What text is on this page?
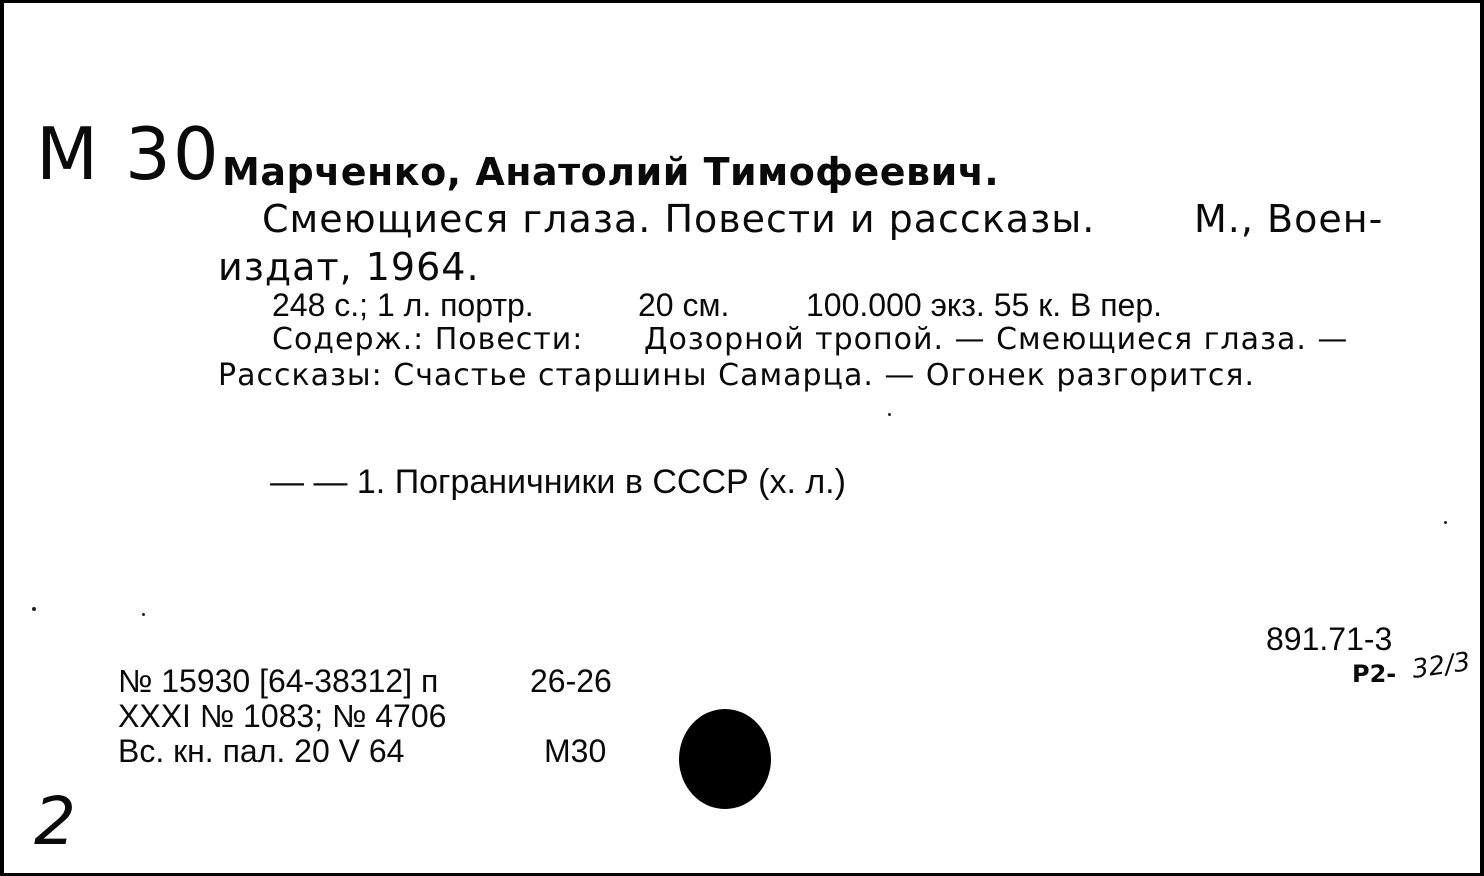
М 30 Марченко, Анатолий Тимофеевич.
Смеющиеся глаза. Повести и рассказы.	М., Воен-
издат, 1964.
248 с.; 1 л. портр.	20 см. 100.000 экз. 55 к. В пер.
Содерж.: Повести: Дозорной тропой. — Смеющиеся глаза. —
Рассказы: Счастье старшины Самарца. — Огонек разгорится.
— — 1. Пограничники в СССР (х. л.)
891.71-3
Р2- 32/3
№ 15930 [64-38312] п	26-26
XXXI № 1083; № 4706
Вс. кн. пал. 20 V 64	М30
2
